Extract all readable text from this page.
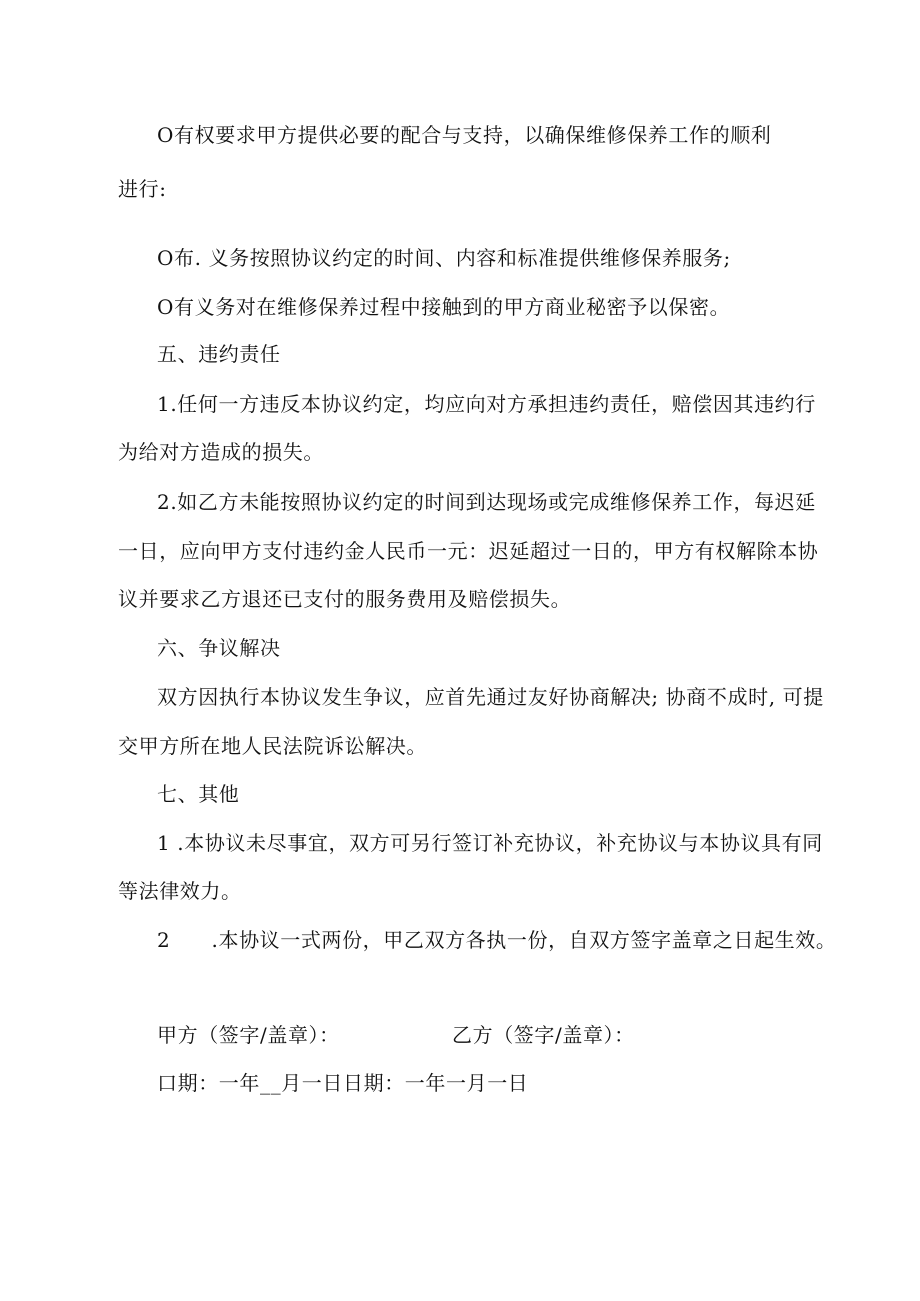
O有权要求甲方提供必要的配合与支持，以确保维修保养工作的顺利
进行:
O布. 义务按照协议约定的时间、内容和标准提供维修保养服务;
O有义务对在维修保养过程中接触到的甲方商业秘密予以保密。
五、违约责任
1.任何一方违反本协议约定，均应向对方承担违约责任，赔偿因其违约行
为给对方造成的损失。
2.如乙方未能按照协议约定的时间到达现场或完成维修保养工作，每迟延
一日，应向甲方支付违约金人民币一元：迟延超过一日的，甲方有权解除本协
议并要求乙方退还已支付的服务费用及赔偿损失。
六、争议解决
双方因执行本协议发生争议，应首先通过友好协商解决; 协商不成时, 可提
交甲方所在地人民法院诉讼解决。
七、其他
1 .本协议未尽事宜，双方可另行签订补充协议，补充协议与本协议具有同
等法律效力。
2　　.本协议一式两份，甲乙双方各执一份，自双方签字盖章之日起生效。
甲方（签字/盖章）：	乙方（签字/盖章）：
口期：一年__月一日日期：一年一月一日
